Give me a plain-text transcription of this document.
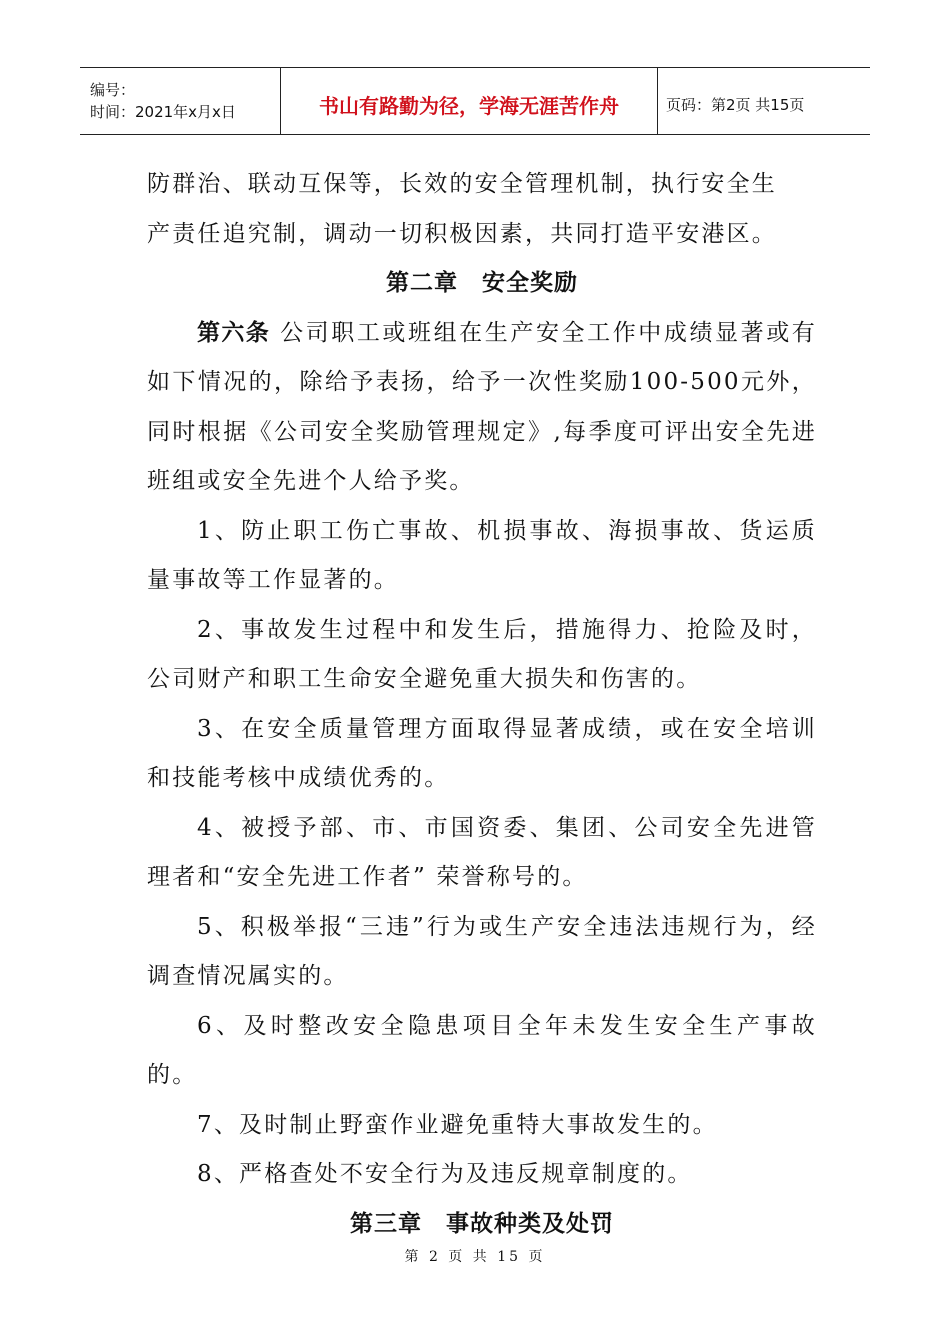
编号：
时间：2021年x月x日	书山有路勤为径，学海无涯苦作舟	页码：第2页 共15页

防群治、联动互保等，长效的安全管理机制，执行安全生

产责任追究制，调动一切积极因素，共同打造平安港区。

第二章 安全奖励

第六条 公司职工或班组在生产安全工作中成绩显著或有如下情况的，除给予表扬，给予一次性奖励100-500元外，同时根据《公司安全奖励管理规定》,每季度可评出安全先进班组或安全先进个人给予奖。

1、防止职工伤亡事故、机损事故、海损事故、货运质量事故等工作显著的。

2、事故发生过程中和发生后，措施得力、抢险及时，公司财产和职工生命安全避免重大损失和伤害的。

3、在安全质量管理方面取得显著成绩，或在安全培训和技能考核中成绩优秀的。

4、被授予部、市、市国资委、集团、公司安全先进管理者和“安全先进工作者” 荣誉称号的。

5、积极举报“三违”行为或生产安全违法违规行为，经调查情况属实的。

6、及时整改安全隐患项目全年未发生安全生产事故的。

7、及时制止野蛮作业避免重特大事故发生的。

8、严格查处不安全行为及违反规章制度的。

第三章 事故种类及处罚

第 2 页 共 15 页
